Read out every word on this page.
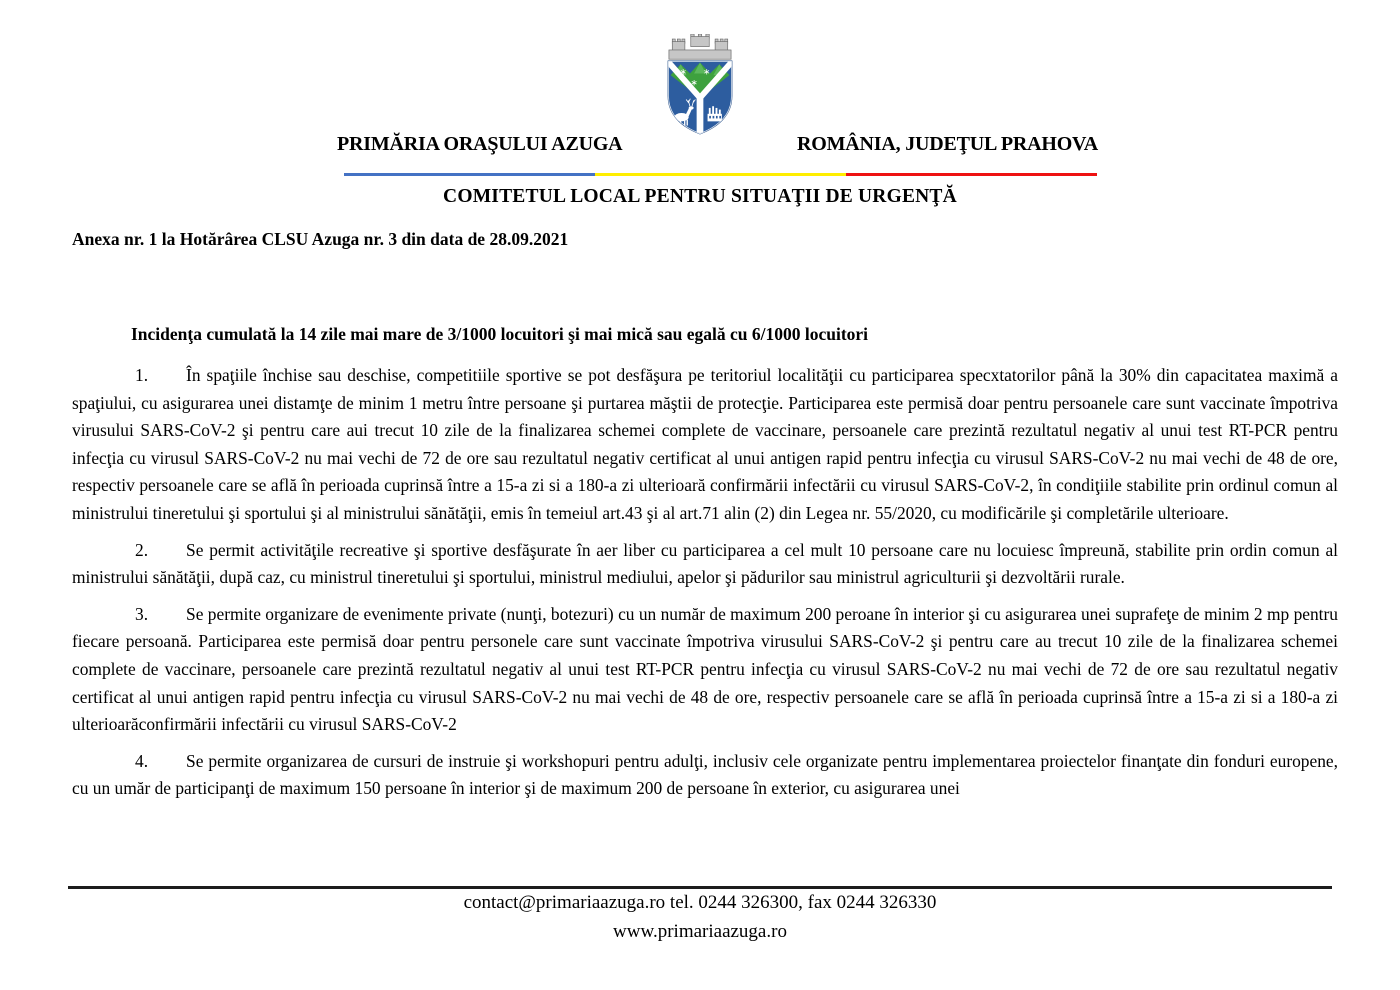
PRIMĂRIA ORAŞULUI AZUGA	ROMÂNIA, JUDEŢUL PRAHOVA
COMITETUL LOCAL PENTRU SITUAŢII DE URGENŢĂ
Anexa nr. 1 la Hotărârea CLSU Azuga nr. 3 din data de 28.09.2021
Incidenţa cumulată la 14 zile mai mare de 3/1000 locuitori şi mai mică sau egală cu 6/1000 locuitori

1. În spaţiile închise sau deschise, competitiile sportive se pot desfăşura pe teritoriul localităţii cu participarea specxtatorilor până la 30% din capacitatea maximă a spaţiului, cu asigurarea unei distamţe de minim 1 metru între persoane şi purtarea măştii de protecţie. Participarea este permisă doar pentru persoanele care sunt vaccinate împotriva virusului SARS-CoV-2 şi pentru care aui trecut 10 zile de la finalizarea schemei complete de vaccinare, persoanele care prezintă rezultatul negativ al unui test RT-PCR pentru infecţia cu virusul SARS-CoV-2 nu mai vechi de 72 de ore sau rezultatul negativ certificat al unui antigen rapid pentru infecţia cu virusul SARS-CoV-2 nu mai vechi de 48 de ore, respectiv persoanele care se află în perioada cuprinsă între a 15-a zi si a 180-a zi ulterioară confirmării infectării cu virusul SARS-CoV-2, în condiţiile stabilite prin ordinul comun al ministrului tineretului şi sportului şi al ministrului sănătăţii, emis în temeiul art.43 şi al art.71 alin (2) din Legea nr. 55/2020, cu modificările şi completările ulterioare.

2. Se permit activităţile recreative şi sportive desfăşurate în aer liber cu participarea a cel mult 10 persoane care nu locuiesc împreună, stabilite prin ordin comun al ministrului sănătăţii, după caz, cu ministrul tineretului şi sportului, ministrul mediului, apelor şi pădurilor sau ministrul agriculturii şi dezvoltării rurale.

3. Se permite organizare de evenimente private (nunţi, botezuri) cu un număr de maximum 200 peroane în interior şi cu asigurarea unei suprafeţe de minim 2 mp pentru fiecare persoană. Participarea este permisă doar pentru personele care sunt vaccinate împotriva virusului SARS-CoV-2 şi pentru care au trecut 10 zile de la finalizarea schemei complete de vaccinare, persoanele care prezintă rezultatul negativ al unui test RT-PCR pentru infecţia cu virusul SARS-CoV-2 nu mai vechi de 72 de ore sau rezultatul negativ certificat al unui antigen rapid pentru infecţia cu virusul SARS-CoV-2 nu mai vechi de 48 de ore, respectiv persoanele care se află în perioada cuprinsă între a 15-a zi si a 180-a zi ulterioarăconfirmării infectării cu virusul SARS-CoV-2

4. Se permite organizarea de cursuri de instruie şi workshopuri pentru adulţi, inclusiv cele organizate pentru implementarea proiectelor finanţate din fonduri europene, cu un umăr de participanţi de maximum 150 persoane în interior şi de maximum 200 de persoane în exterior, cu asigurarea unei

contact@primariaazuga.ro tel. 0244 326300, fax 0244 326330
www.primariaazuga.ro
